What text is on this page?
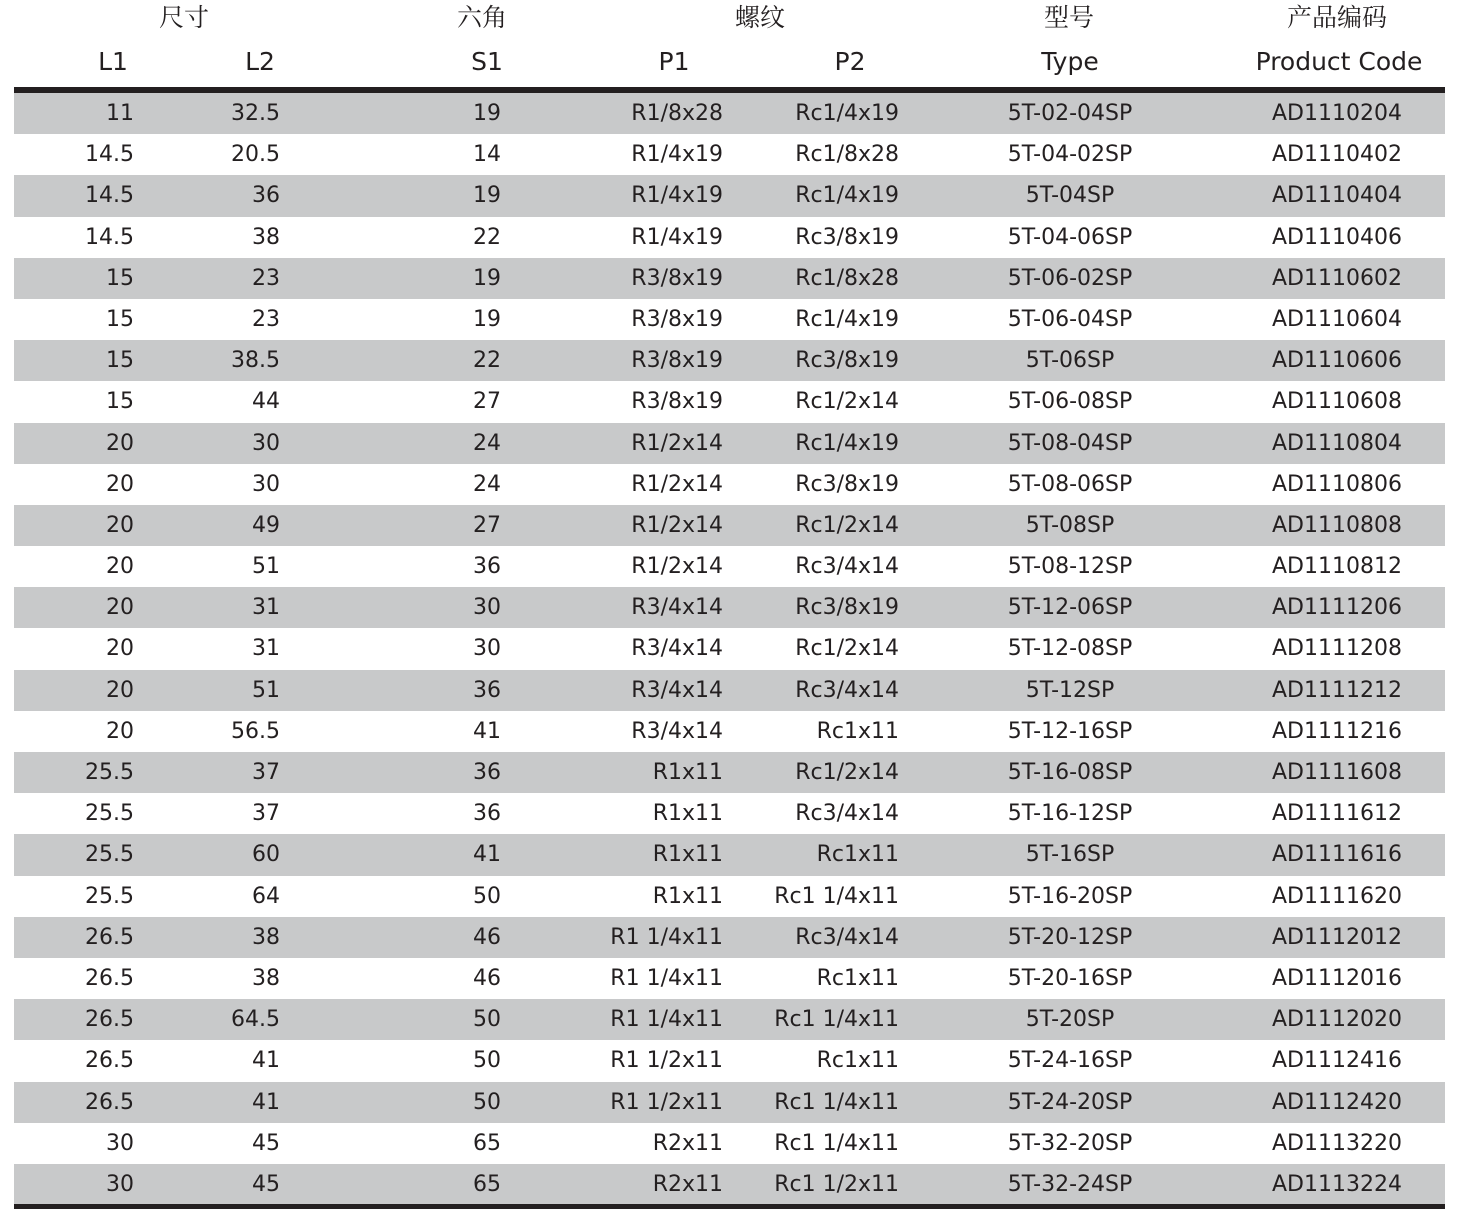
尺寸	六角	螺纹	型号	产品编码
L1	L2	S1	P1	P2	Type	Product Code
11	32.5	19	R1/8x28	Rc1/4x19	5T-02-04SP	AD1110204
14.5	20.5	14	R1/4x19	Rc1/8x28	5T-04-02SP	AD1110402
14.5	36	19	R1/4x19	Rc1/4x19	5T-04SP	AD1110404
14.5	38	22	R1/4x19	Rc3/8x19	5T-04-06SP	AD1110406
15	23	19	R3/8x19	Rc1/8x28	5T-06-02SP	AD1110602
15	23	19	R3/8x19	Rc1/4x19	5T-06-04SP	AD1110604
15	38.5	22	R3/8x19	Rc3/8x19	5T-06SP	AD1110606
15	44	27	R3/8x19	Rc1/2x14	5T-06-08SP	AD1110608
20	30	24	R1/2x14	Rc1/4x19	5T-08-04SP	AD1110804
20	30	24	R1/2x14	Rc3/8x19	5T-08-06SP	AD1110806
20	49	27	R1/2x14	Rc1/2x14	5T-08SP	AD1110808
20	51	36	R1/2x14	Rc3/4x14	5T-08-12SP	AD1110812
20	31	30	R3/4x14	Rc3/8x19	5T-12-06SP	AD1111206
20	31	30	R3/4x14	Rc1/2x14	5T-12-08SP	AD1111208
20	51	36	R3/4x14	Rc3/4x14	5T-12SP	AD1111212
20	56.5	41	R3/4x14	Rc1x11	5T-12-16SP	AD1111216
25.5	37	36	R1x11	Rc1/2x14	5T-16-08SP	AD1111608
25.5	37	36	R1x11	Rc3/4x14	5T-16-12SP	AD1111612
25.5	60	41	R1x11	Rc1x11	5T-16SP	AD1111616
25.5	64	50	R1x11	Rc1 1/4x11	5T-16-20SP	AD1111620
26.5	38	46	R1 1/4x11	Rc3/4x14	5T-20-12SP	AD1112012
26.5	38	46	R1 1/4x11	Rc1x11	5T-20-16SP	AD1112016
26.5	64.5	50	R1 1/4x11	Rc1 1/4x11	5T-20SP	AD1112020
26.5	41	50	R1 1/2x11	Rc1x11	5T-24-16SP	AD1112416
26.5	41	50	R1 1/2x11	Rc1 1/4x11	5T-24-20SP	AD1112420
30	45	65	R2x11	Rc1 1/4x11	5T-32-20SP	AD1113220
30	45	65	R2x11	Rc1 1/2x11	5T-32-24SP	AD1113224
